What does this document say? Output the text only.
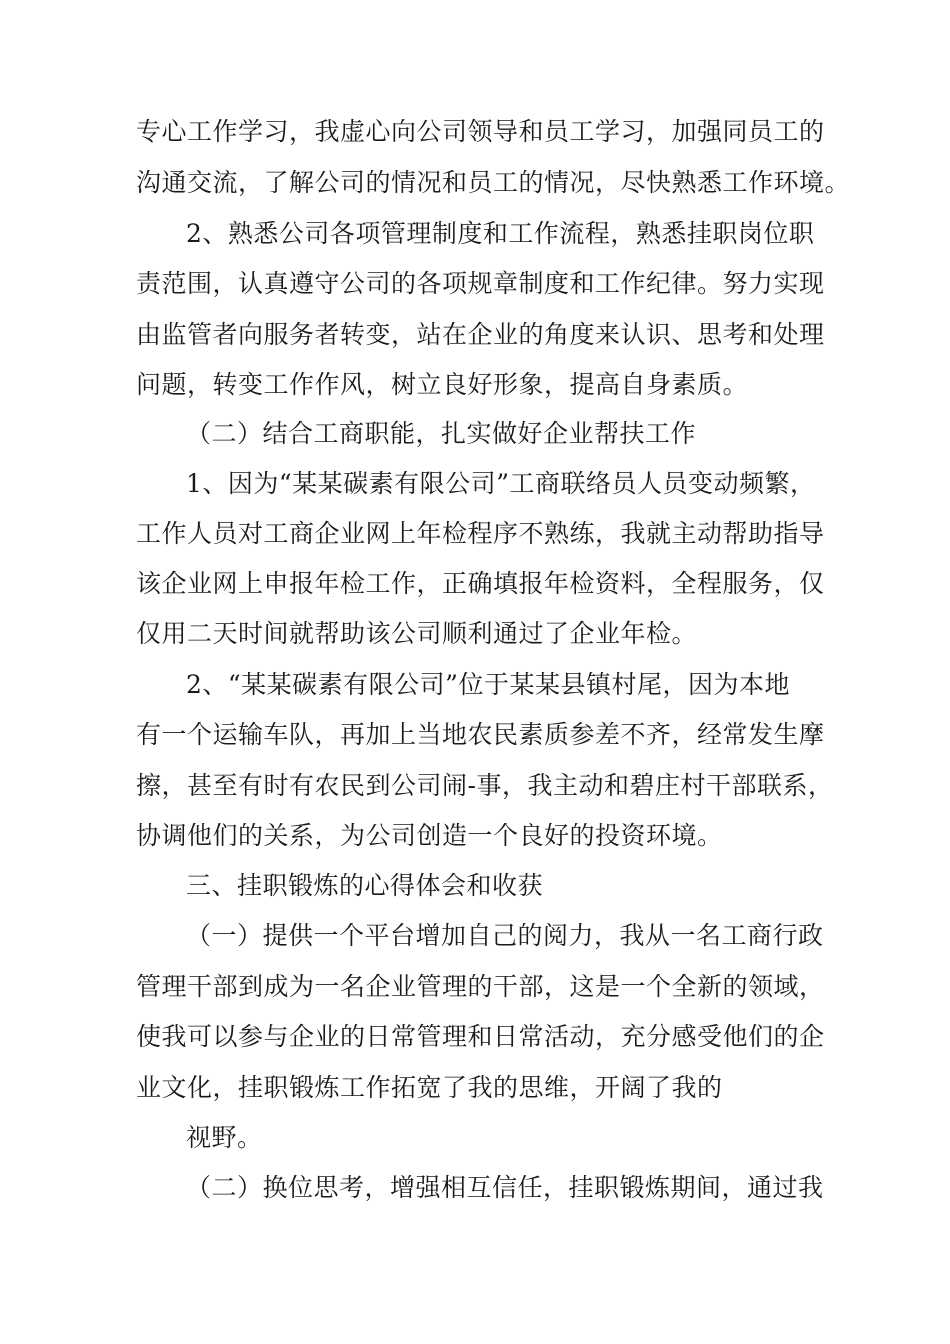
专心工作学习，我虚心向公司领导和员工学习，加强同员工的
沟通交流，了解公司的情况和员工的情况，尽快熟悉工作环境。
2、熟悉公司各项管理制度和工作流程，熟悉挂职岗位职
责范围，认真遵守公司的各项规章制度和工作纪律。努力实现
由监管者向服务者转变，站在企业的角度来认识、思考和处理
问题，转变工作作风，树立良好形象，提高自身素质。
（二）结合工商职能，扎实做好企业帮扶工作
1、因为“某某碳素有限公司”工商联络员人员变动频繁，
工作人员对工商企业网上年检程序不熟练，我就主动帮助指导
该企业网上申报年检工作，正确填报年检资料，全程服务，仅
仅用二天时间就帮助该公司顺利通过了企业年检。
2、“某某碳素有限公司”位于某某县镇村尾，因为本地
有一个运输车队，再加上当地农民素质参差不齐，经常发生摩
擦，甚至有时有农民到公司闹-事，我主动和碧庄村干部联系，
协调他们的关系，为公司创造一个良好的投资环境。
三、挂职锻炼的心得体会和收获
（一）提供一个平台增加自己的阅力，我从一名工商行政
管理干部到成为一名企业管理的干部，这是一个全新的领域，
使我可以参与企业的日常管理和日常活动，充分感受他们的企
业文化，挂职锻炼工作拓宽了我的思维，开阔了我的
视野。
（二）换位思考，增强相互信任，挂职锻炼期间，通过我
